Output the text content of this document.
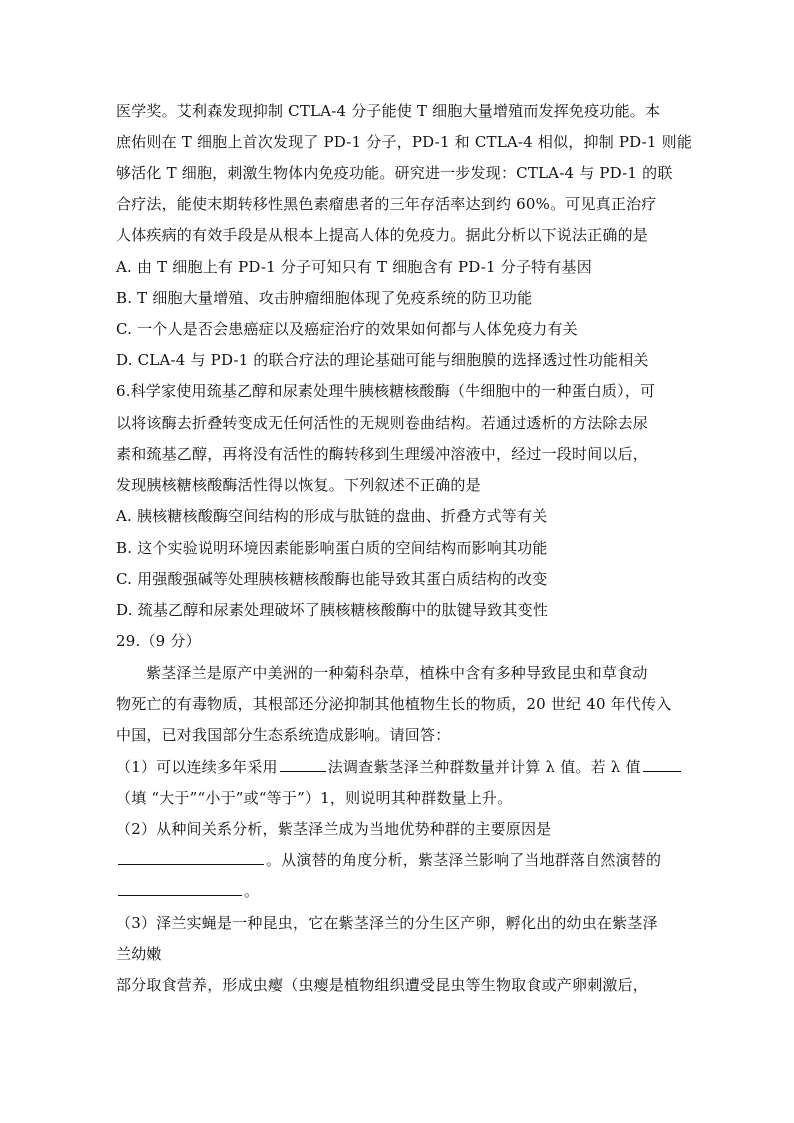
医学奖。艾利森发现抑制 CTLA-4 分子能使 T 细胞大量增殖而发挥免疫功能。本
庶佑则在 T 细胞上首次发现了 PD-1 分子，PD-1 和 CTLA-4 相似，抑制 PD-1 则能
够活化 T 细胞，刺激生物体内免疫功能。研究进一步发现：CTLA-4 与 PD-1 的联
合疗法，能使末期转移性黑色素瘤患者的三年存活率达到约 60%。可见真正治疗
人体疾病的有效手段是从根本上提高人体的免疫力。据此分析以下说法正确的是
A. 由 T 细胞上有 PD-1 分子可知只有 T 细胞含有 PD-1 分子特有基因
B. T 细胞大量增殖、攻击肿瘤细胞体现了免疫系统的防卫功能
C. 一个人是否会患癌症以及癌症治疗的效果如何都与人体免疫力有关
D. CLA-4 与 PD-1 的联合疗法的理论基础可能与细胞膜的选择透过性功能相关
6.科学家使用巯基乙醇和尿素处理牛胰核糖核酸酶（牛细胞中的一种蛋白质），可
以将该酶去折叠转变成无任何活性的无规则卷曲结构。若通过透析的方法除去尿
素和巯基乙醇，再将没有活性的酶转移到生理缓冲溶液中，经过一段时间以后，
发现胰核糖核酸酶活性得以恢复。下列叙述不正确的是
A. 胰核糖核酸酶空间结构的形成与肽链的盘曲、折叠方式等有关
B. 这个实验说明环境因素能影响蛋白质的空间结构而影响其功能
C. 用强酸强碱等处理胰核糖核酸酶也能导致其蛋白质结构的改变
D. 巯基乙醇和尿素处理破坏了胰核糖核酸酶中的肽键导致其变性
29.（9 分）
紫茎泽兰是原产中美洲的一种菊科杂草，植株中含有多种导致昆虫和草食动
物死亡的有毒物质，其根部还分泌抑制其他植物生长的物质，20 世纪 40 年代传入
中国，已对我国部分生态系统造成影响。请回答：
（1）可以连续多年采用	法调查紫茎泽兰种群数量并计算 λ 值。若 λ 值
（填 “大于”“小于”或“等于”）1，则说明其种群数量上升。
（2）从种间关系分析，紫茎泽兰成为当地优势种群的主要原因是
。从演替的角度分析，紫茎泽兰影响了当地群落自然演替的
。
（3）泽兰实蝇是一种昆虫，它在紫茎泽兰的分生区产卵，孵化出的幼虫在紫茎泽
兰幼嫩
部分取食营养，形成虫瘿（虫瘿是植物组织遭受昆虫等生物取食或产卵刺激后，
